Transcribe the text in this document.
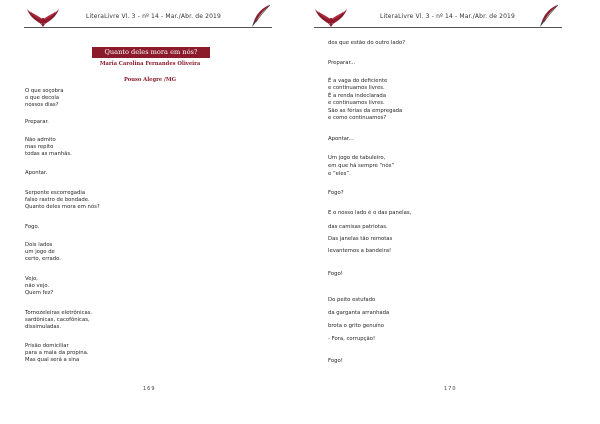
LiteraLivre Vl. 3 - nº 14 - Mar./Abr. de 2019
Quanto deles mora em nós?
Maria Carolina Fernandes Oliveira
Pouso Alegre /MG
O que soçobra
o que decola
nossos dias?
Preparar.
Não admito
mas repito
todas as manhãs.
Apontar.
Serpente escorregadia
falso rastro de bondade.
Quanto deles mora em nós?
Fogo.
Dois lados
um jogo de
certo, errado.
Vejo,
não vejo.
Quem fez?
Tornozeleiras eletrônicas.
sardônicas, cacofônicas,
dissimuladas.
Prisão domiciliar
para a mala da propina.
Mas qual será a sina
169
LiteraLivre Vl. 3 - nº 14 - Mar./Abr. de 2019
dos que estão do outro lado?
Preparar...
É a vaga do deficiente
e continuamos livres.
É a renda indeclarada
e continuamos livres.
São as férias da empregada
e como continuamos?
Apontar...
Um jogo de tabuleiro,
em que há sempre “nós”
e “eles”.
Fogo?
E o nosso lado é o das panelas,
das camisas patriotas.
Das janelas tão remotas
levantemos a bandeira!
Fogo!
Do peito estufado
da garganta arranhada
brota o grito genuíno
- Fora, corrupção!
Fogo!
170
